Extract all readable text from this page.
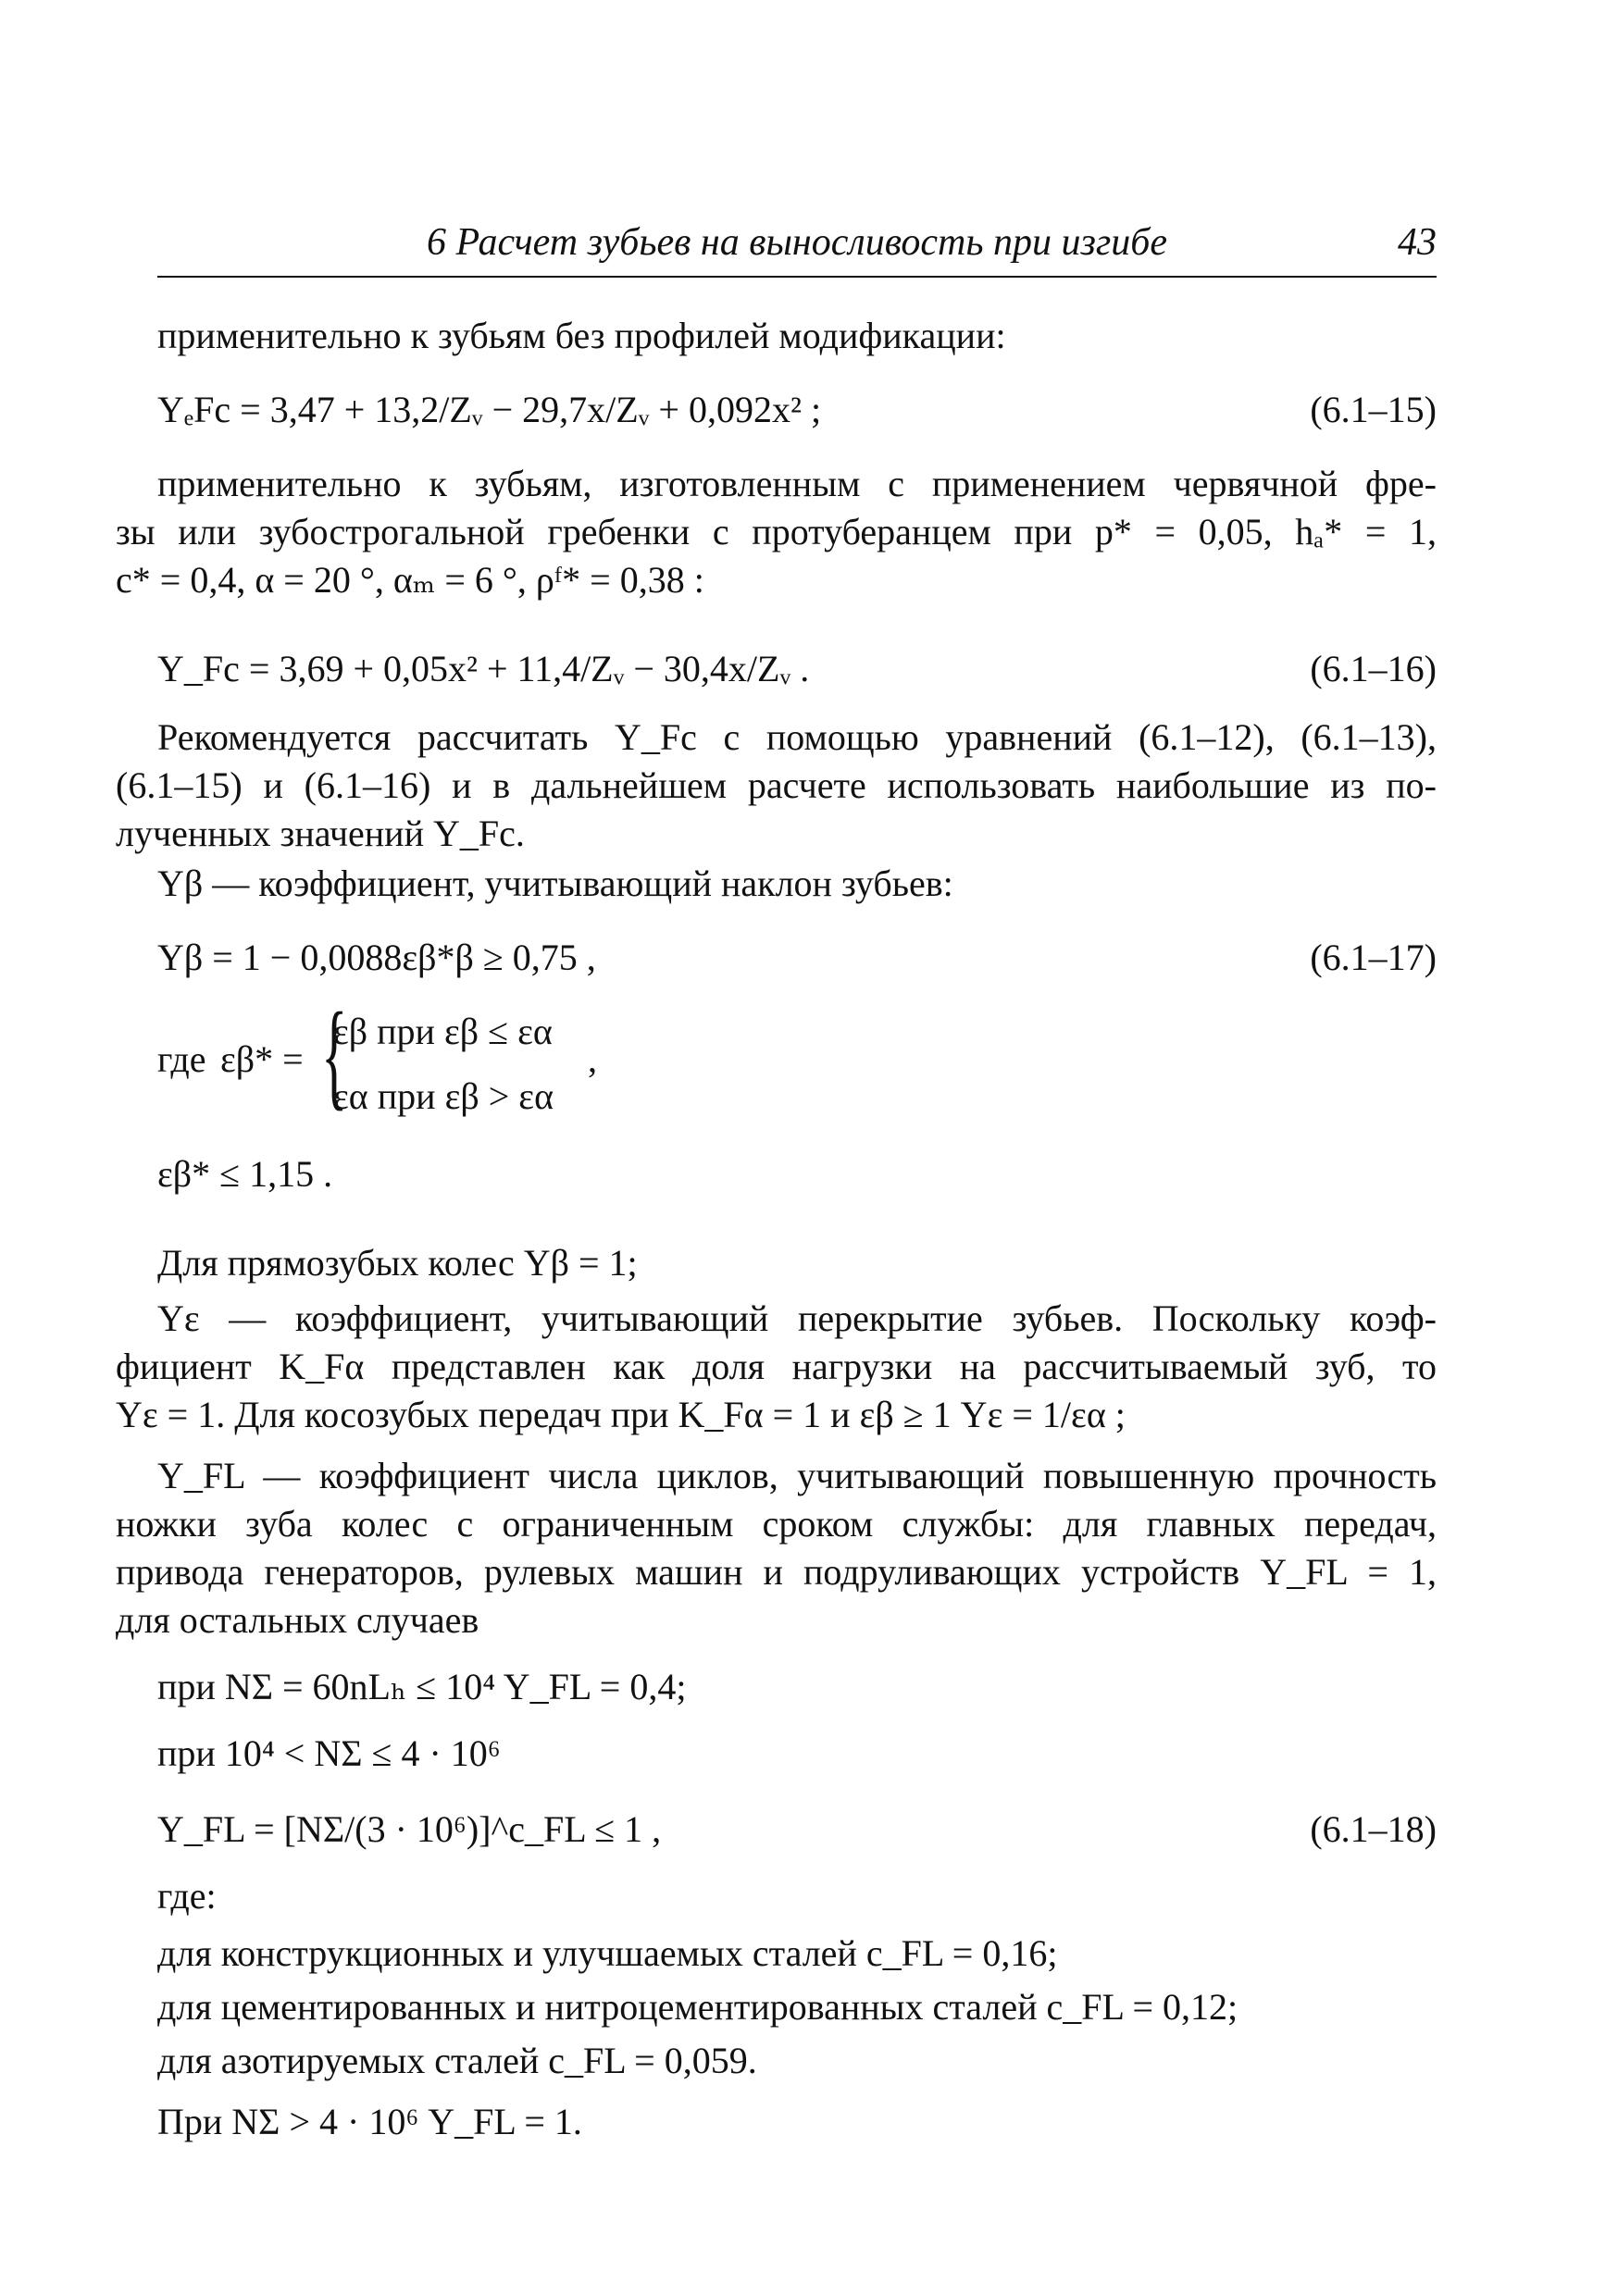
6 Расчет зубьев на выносливость при изгибе	43
применительно к зубьям без профилей модификации:
YₑFc = 3,47 + 13,2/Zᵥ − 29,7x/Zᵥ + 0,092x² ;	(6.1–15)
применительно к зубьям, изготовленным с применением червячной фре-
зы или зубострогальной гребенки с протуберанцем при p* = 0,05, hₐ* = 1,
c* = 0,4, α = 20 °, αₘ = 6 °, ρᶠ* = 0,38 :
Y_Fc = 3,69 + 0,05x² + 11,4/Zᵥ − 30,4x/Zᵥ .	(6.1–16)
Рекомендуется рассчитать Y_Fc с помощью уравнений (6.1–12), (6.1–13),
(6.1–15) и (6.1–16) и в дальнейшем расчете использовать наибольшие из по-
лученных значений Y_Fc.
Yβ — коэффициент, учитывающий наклон зубьев:
Yβ = 1 − 0,0088εβ*β ≥ 0,75 ,	(6.1–17)
где εβ* = {
εβ при εβ ≤ εα
εα при εβ > εα
,
εβ* ≤ 1,15 .
Для прямозубых колес Yβ = 1;
Yε — коэффициент, учитывающий перекрытие зубьев. Поскольку коэф-
фициент K_Fα представлен как доля нагрузки на рассчитываемый зуб, то
Yε = 1. Для косозубых передач при K_Fα = 1 и εβ ≥ 1 Yε = 1/εα ;
Y_FL — коэффициент числа циклов, учитывающий повышенную прочность
ножки зуба колес с ограниченным сроком службы: для главных передач,
привода генераторов, рулевых машин и подруливающих устройств Y_FL = 1,
для остальных случаев
при NΣ = 60nLₕ ≤ 10⁴ Y_FL = 0,4;
при 10⁴ < NΣ ≤ 4 · 10⁶
Y_FL = [NΣ/(3 · 10⁶)]^c_FL ≤ 1 ,	(6.1–18)
где:
для конструкционных и улучшаемых сталей c_FL = 0,16;
для цементированных и нитроцементированных сталей c_FL = 0,12;
для азотируемых сталей c_FL = 0,059.
При NΣ > 4 · 10⁶ Y_FL = 1.
